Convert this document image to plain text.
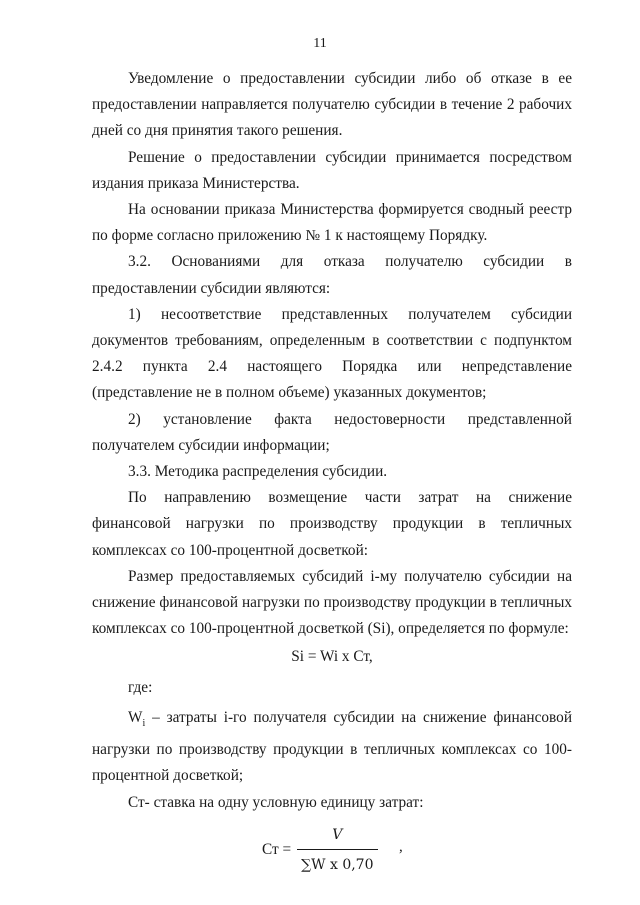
11

Уведомление о предоставлении субсидии либо об отказе в ее предоставлении направляется получателю субсидии в течение 2 рабочих дней со дня принятия такого решения.

Решение о предоставлении субсидии принимается посредством издания приказа Министерства.

На основании приказа Министерства формируется сводный реестр по форме согласно приложению № 1 к настоящему Порядку.

3.2. Основаниями для отказа получателю субсидии в предоставлении субсидии являются:

1) несоответствие представленных получателем субсидии документов требованиям, определенным в соответствии с подпунктом 2.4.2 пункта 2.4 настоящего Порядка или непредставление (представление не в полном объеме) указанных документов;

2) установление факта недостоверности представленной получателем субсидии информации;

3.3. Методика распределения субсидии.

По направлению возмещение части затрат на снижение финансовой нагрузки по производству продукции в тепличных комплексах со 100-процентной досветкой:

Размер предоставляемых субсидий i-му получателю субсидии на снижение финансовой нагрузки по производству продукции в тепличных комплексах со 100-процентной досветкой (Si), определяется по формуле:

Si = Wi x Ст,

где:

$W_i$ – затраты i-го получателя субсидии на снижение финансовой нагрузки по производству продукции в тепличных комплексах со 100-процентной досветкой;

Ст- ставка на одну условную единицу затрат:

Ст = $\frac{V}{\text{∑W x 0,70}}$ ,
